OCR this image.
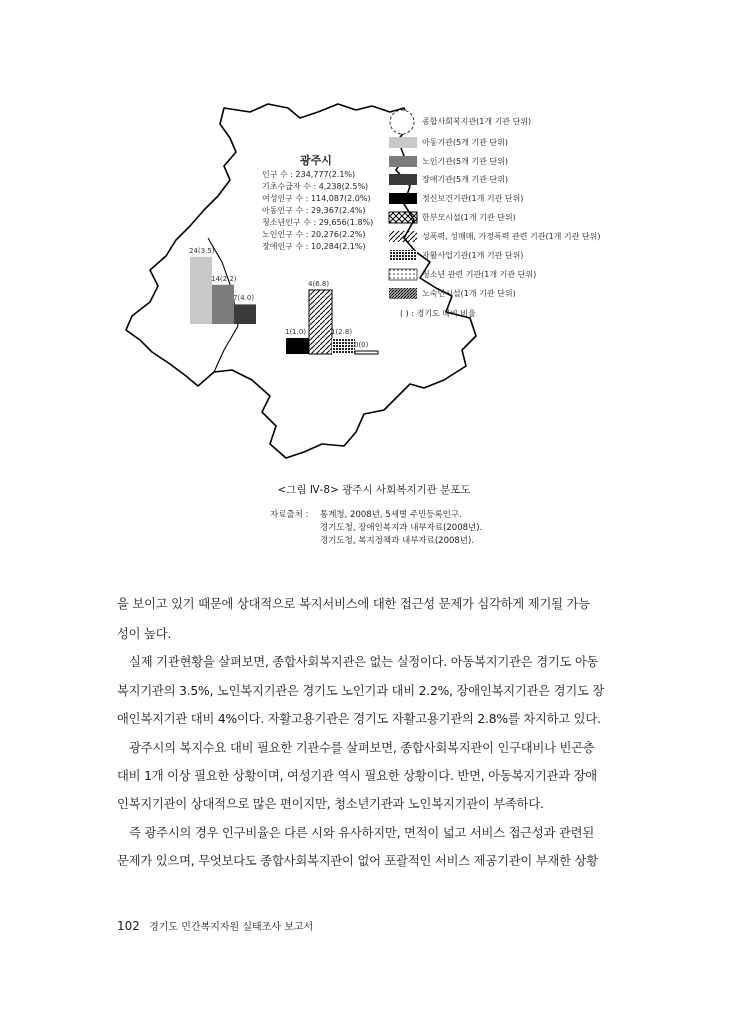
광주시
인구 수 : 234,777(2.1%)
기초수급자 수 : 4,238(2.5%)
여성인구 수 : 114,087(2.0%)
아동인구 수 : 29,367(2.4%)
청소년인구 수 : 29,656(1.8%)
노인인구 수 : 20,276(2.2%)
장애인구 수 : 10,284(2.1%)
종합사회복지관(1개 기관 단위)
아동기관(5개 기관 단위)
노인기관(5개 기관 단위)
장애기관(5개 기관 단위)
정신보건기관(1개 기관 단위)
한부모시설(1개 기관 단위)
성폭력, 성매매, 가정폭력 관련 기관(1개 기관 단위)
자활사업기관(1개 기관 단위)
청소년 관련 기관(1개 기관 단위)
노숙인시설(1개 기관 단위)
( ) : 경기도 대비 비율
24(3.5)
14(2.2)
7(4.0)
1(1.0)
4(6.8)
1(2.8)
0(0)
<그림 Ⅳ-8> 광주시 사회복지기관 분포도
자료출처 : 통계청, 2008년, 5세별 주민등록인구.
경기도청, 장애인복지과 내부자료(2008년).
경기도청, 복지정책과 내부자료(2008년).
을 보이고 있기 때문에 상대적으로 복지서비스에 대한 접근성 문제가 심각하게 제기될 가능
성이 높다.
　실제 기관현황을 살펴보면, 종합사회복지관은 없는 실정이다. 아동복지기관은 경기도 아동
복지기관의 3.5%, 노인복지기관은 경기도 노인기과 대비 2.2%, 장애인복지기관은 경기도 장
애인복지기관 대비 4%이다. 자활고용기관은 경기도 자활고용기관의 2.8%를 차지하고 있다.
　광주시의 복지수요 대비 필요한 기관수를 살펴보면, 종합사회복지관이 인구대비나 빈곤층
대비 1개 이상 필요한 상황이며, 여성기관 역시 필요한 상황이다. 반면, 아동복지기관과 장애
인복지기관이 상대적으로 많은 편이지만, 청소년기관과 노인복지기관이 부족하다.
　즉 광주시의 경우 인구비율은 다른 시와 유사하지만, 면적이 넓고 서비스 접근성과 관련된
문제가 있으며, 무엇보다도 종합사회복지관이 없어 포괄적인 서비스 제공기관이 부재한 상황
102 경기도 민간복지자원 실태조사 보고서
